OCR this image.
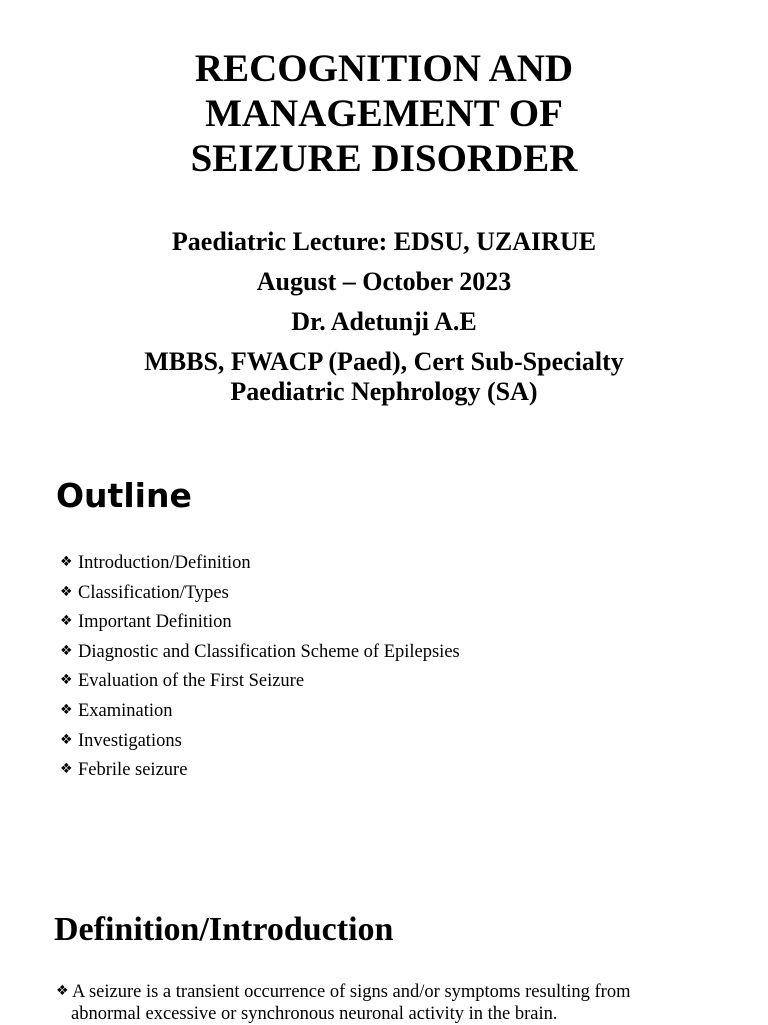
RECOGNITION AND
MANAGEMENT OF
SEIZURE DISORDER
Paediatric Lecture: EDSU, UZAIRUE
August – October 2023
Dr. Adetunji A.E
MBBS, FWACP (Paed), Cert Sub-Specialty
Paediatric Nephrology (SA)
Outline
❖ Introduction/Definition
❖ Classification/Types
❖ Important Definition
❖ Diagnostic and Classification Scheme of Epilepsies
❖ Evaluation of the First Seizure
❖ Examination
❖ Investigations
❖ Febrile seizure
Definition/Introduction
❖ A seizure is a transient occurrence of signs and/or symptoms resulting from
abnormal excessive or synchronous neuronal activity in the brain.
